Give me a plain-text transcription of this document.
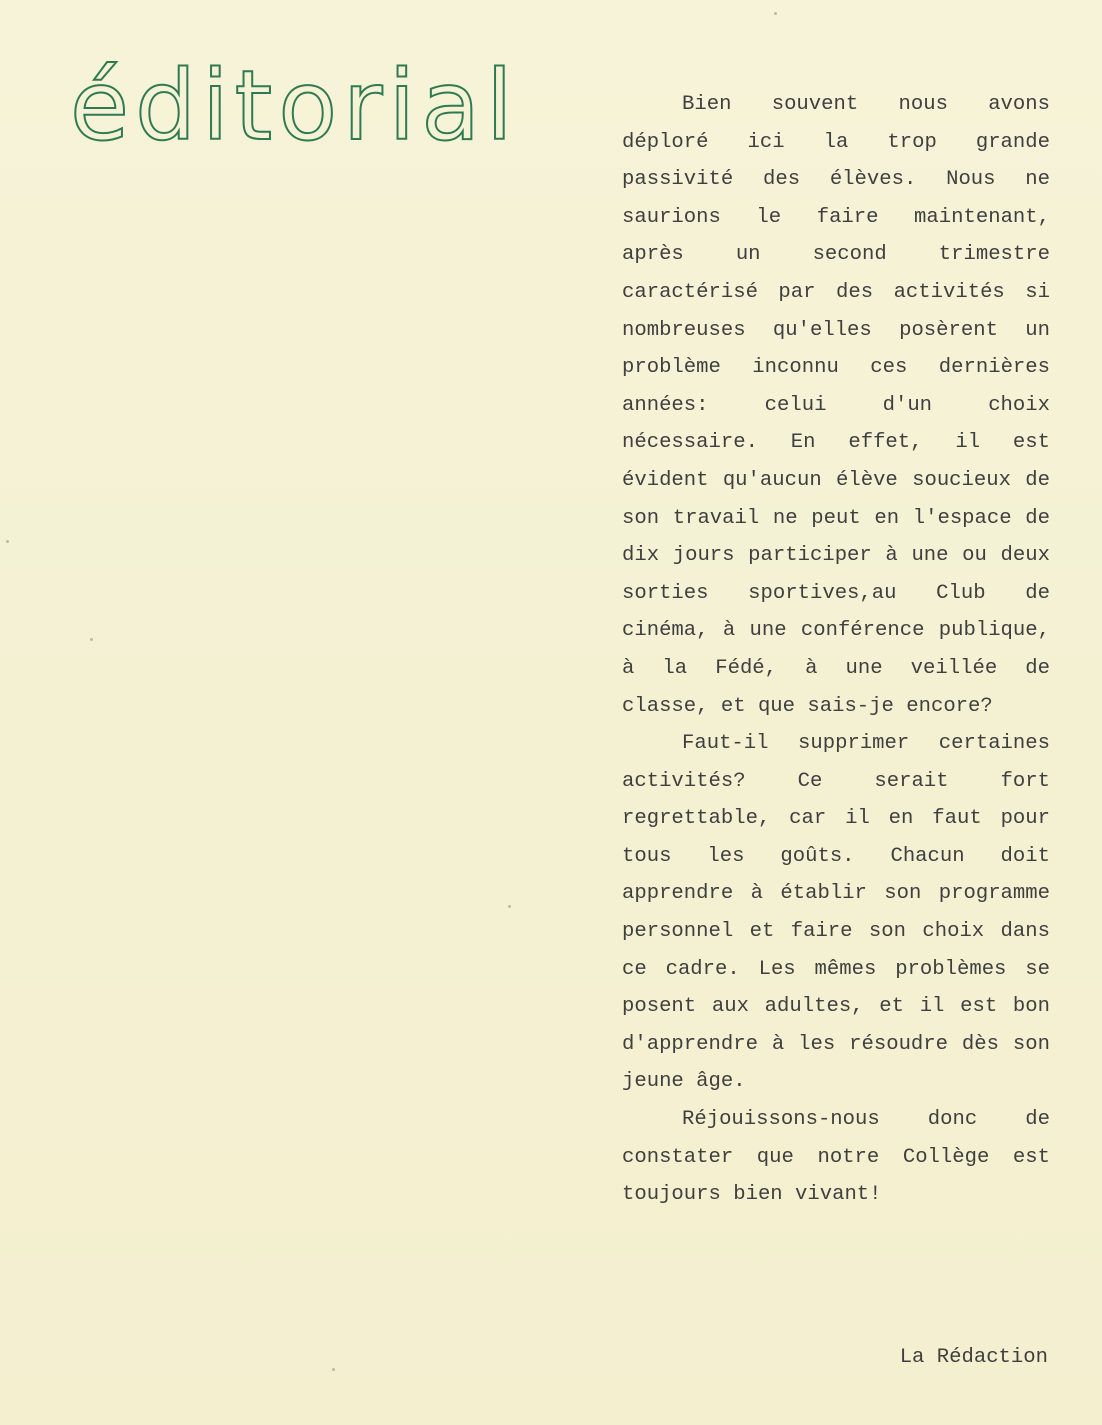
éditorial	Bien souvent nous avons déploré ici la trop grande passivité des élèves. Nous ne saurions le faire maintenant, après un second trimestre caractérisé par des activités si nombreuses qu'elles posèrent un problème inconnu ces dernières années: celui d'un choix nécessaire. En effet, il est évident qu'aucun élève soucieux de son travail ne peut en l'espace de dix jours participer à une ou deux sorties sportives,au Club de cinéma, à une conférence publique, à la Fédé, à une veillée de classe, et que sais-je encore?

Faut-il supprimer certaines activités? Ce serait fort regrettable, car il en faut pour tous les goûts. Chacun doit apprendre à établir son programme personnel et faire son choix dans ce cadre. Les mêmes problèmes se posent aux adultes, et il est bon d'apprendre à les résoudre dès son jeune âge.

Réjouissons-nous donc de constater que notre Collège est toujours bien vivant!

La Rédaction
